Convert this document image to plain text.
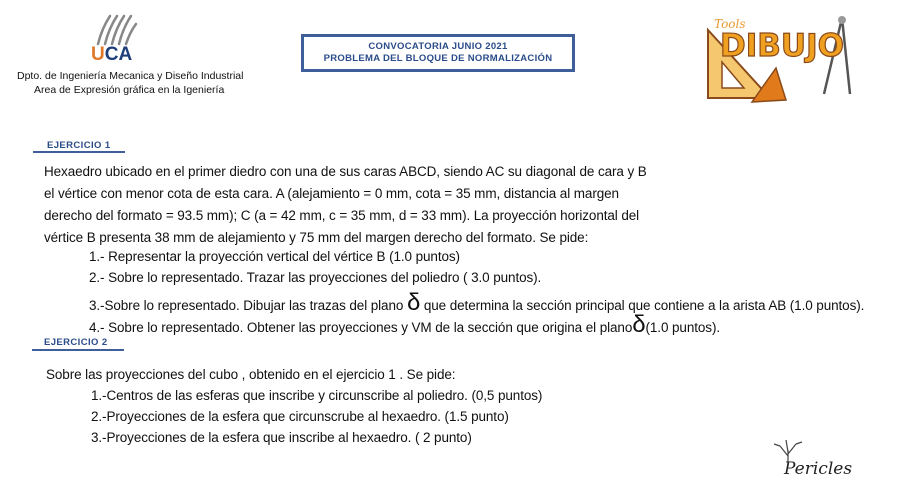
UCA
Dpto. de Ingeniería Mecanica y Diseño Industrial
Area de Expresión gráfica en la Igeniería
CONVOCATORIA JUNIO 2021
PROBLEMA DEL BLOQUE DE NORMALIZACIÓN
Tools
DIBUJO
EJERCICIO 1
Hexaedro ubicado en el primer diedro con una de sus caras ABCD, siendo AC su diagonal de cara y B
el vértice con menor cota de esta cara. A (alejamiento = 0 mm, cota = 35 mm, distancia al margen
derecho del formato = 93.5 mm); C (a = 42 mm, c = 35 mm, d = 33 mm). La proyección horizontal del
vértice B presenta 38 mm de alejamiento y 75 mm del margen derecho del formato. Se pide:
1.- Representar la proyección vertical del vértice B (1.0 puntos)
2.- Sobre lo representado. Trazar las proyecciones del poliedro ( 3.0 puntos).
3.-Sobre lo representado. Dibujar las trazas del plano δ que determina la sección principal que contiene a la arista AB (1.0 puntos).
4.- Sobre lo representado. Obtener las proyecciones y VM de la sección que origina el planoδ(1.0 puntos).
EJERCICIO 2
Sobre las proyecciones del cubo , obtenido en el ejercicio 1 . Se pide:
1.-Centros de las esferas que inscribe y circunscribe al poliedro. (0,5 puntos)
2.-Proyecciones de la esfera que circunscrube al hexaedro. (1.5 punto)
3.-Proyecciones de la esfera que inscribe al hexaedro. ( 2 punto)
Pericles
